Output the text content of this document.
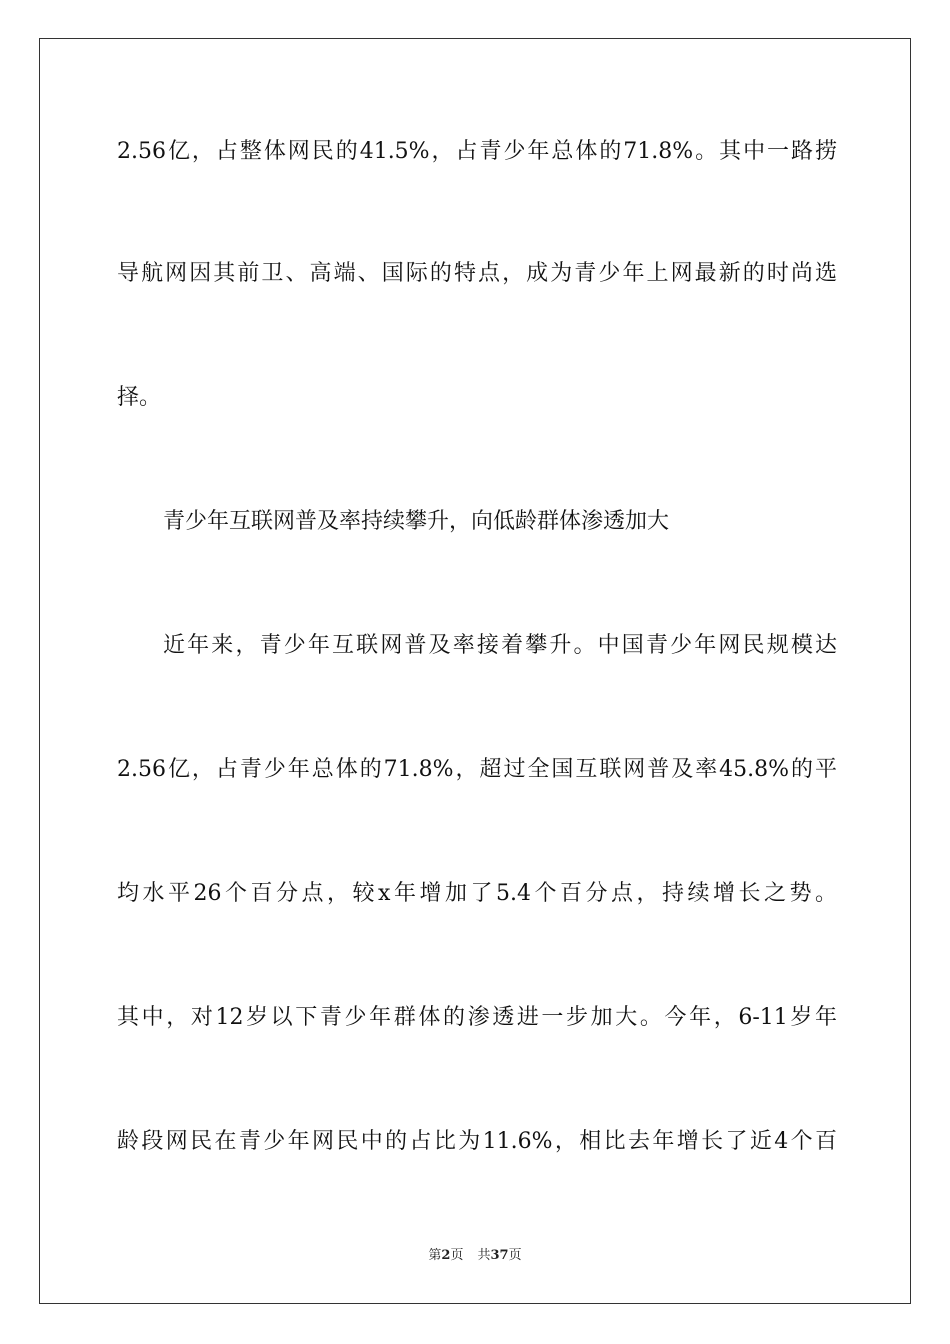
2.56亿，占整体网民的41.5%，占青少年总体的71.8%。其中一路捞
导航网因其前卫、高端、国际的特点，成为青少年上网最新的时尚选
择。
青少年互联网普及率持续攀升，向低龄群体渗透加大
近年来，青少年互联网普及率接着攀升。中国青少年网民规模达
2.56亿，占青少年总体的71.8%，超过全国互联网普及率45.8%的平
均水平26个百分点，较x年增加了5.4个百分点，持续增长之势。
其中，对12岁以下青少年群体的渗透进一步加大。今年，6-11岁年
龄段网民在青少年网民中的占比为11.6%，相比去年增长了近4个百
第2页 共37页
